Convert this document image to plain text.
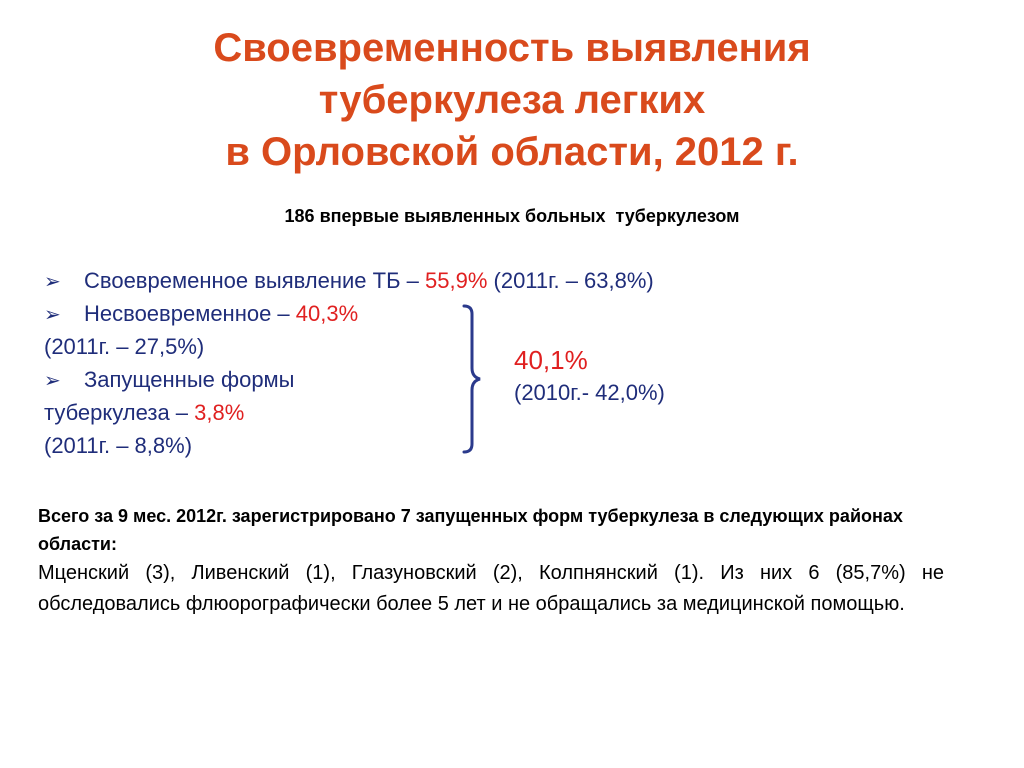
Своевременность выявления
туберкулеза легких
в Орловской области, 2012 г.
186 впервые выявленных больных  туберкулезом
➢ Своевременное выявление ТБ – 55,9% (2011г. – 63,8%)
➢ Несвоевременное – 40,3%
(2011г. – 27,5%)
➢ Запущенные формы
туберкулеза – 3,8%
(2011г. – 8,8%)
40,1%
(2010г.- 42,0%)
Всего за 9 мес. 2012г. зарегистрировано 7 запущенных форм туберкулеза в следующих районах области:
Мценский (3), Ливенский (1), Глазуновский (2), Колпнянский (1). Из них 6 (85,7%) не обследовались флюорографически более 5 лет и не обращались за медицинской помощью.
